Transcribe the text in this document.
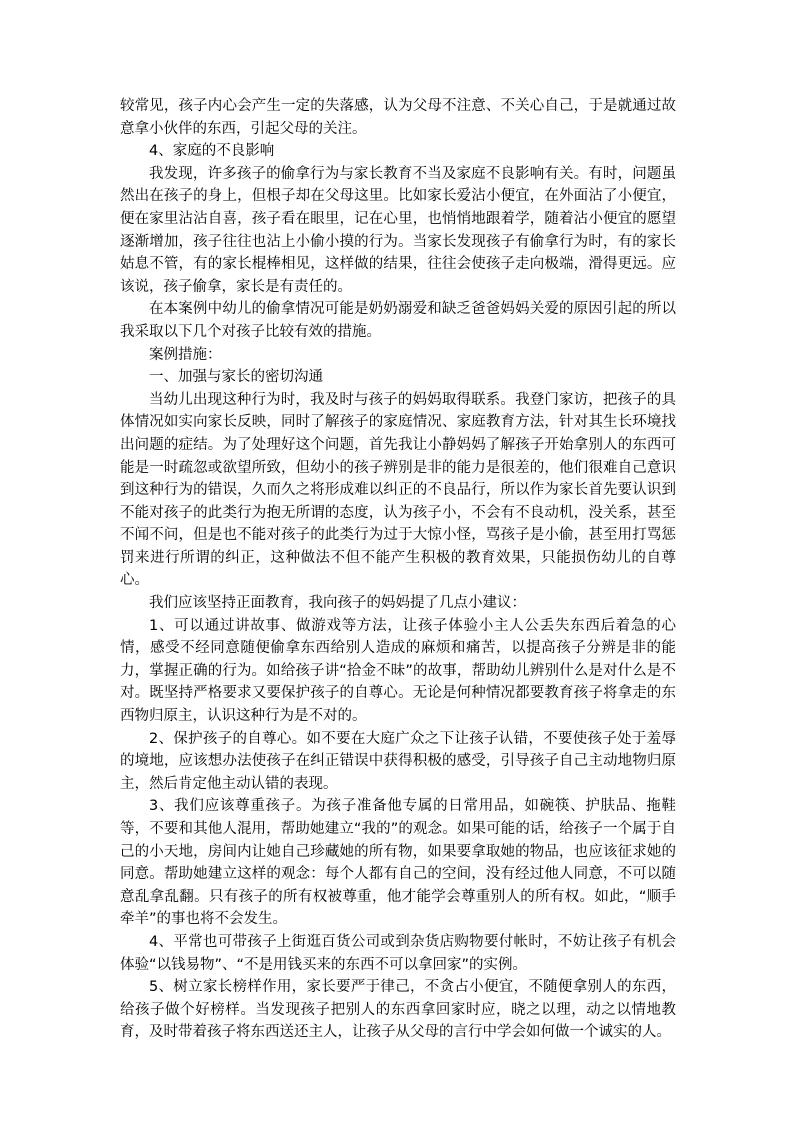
较常见，孩子内心会产生一定的失落感，认为父母不注意、不关心自己，于是就通过故意拿小伙伴的东西，引起父母的关注。

4、家庭的不良影响

我发现，许多孩子的偷拿行为与家长教育不当及家庭不良影响有关。有时，问题虽然出在孩子的身上，但根子却在父母这里。比如家长爱沾小便宜，在外面沾了小便宜，便在家里沾沾自喜，孩子看在眼里，记在心里，也悄悄地跟着学，随着沾小便宜的愿望逐渐增加，孩子往往也沾上小偷小摸的行为。当家长发现孩子有偷拿行为时，有的家长姑息不管，有的家长棍棒相见，这样做的结果，往往会使孩子走向极端，滑得更远。应该说，孩子偷拿，家长是有责任的。

在本案例中幼儿的偷拿情况可能是奶奶溺爱和缺乏爸爸妈妈关爱的原因引起的所以我采取以下几个对孩子比较有效的措施。

案例措施：

一、加强与家长的密切沟通

当幼儿出现这种行为时，我及时与孩子的妈妈取得联系。我登门家访，把孩子的具体情况如实向家长反映，同时了解孩子的家庭情况、家庭教育方法，针对其生长环境找出问题的症结。为了处理好这个问题，首先我让小静妈妈了解孩子开始拿别人的东西可能是一时疏忽或欲望所致，但幼小的孩子辨别是非的能力是很差的，他们很难自己意识到这种行为的错误，久而久之将形成难以纠正的不良品行，所以作为家长首先要认识到不能对孩子的此类行为抱无所谓的态度，认为孩子小，不会有不良动机，没关系，甚至不闻不问，但是也不能对孩子的此类行为过于大惊小怪，骂孩子是小偷，甚至用打骂惩罚来进行所谓的纠正，这种做法不但不能产生积极的教育效果，只能损伤幼儿的自尊心。

我们应该坚持正面教育，我向孩子的妈妈提了几点小建议：

1、可以通过讲故事、做游戏等方法，让孩子体验小主人公丢失东西后着急的心情，感受不经同意随便偷拿东西给别人造成的麻烦和痛苦，以提高孩子分辨是非的能力，掌握正确的行为。如给孩子讲“拾金不昧”的故事，帮助幼儿辨别什么是对什么是不对。既坚持严格要求又要保护孩子的自尊心。无论是何种情况都要教育孩子将拿走的东西物归原主，认识这种行为是不对的。

2、保护孩子的自尊心。如不要在大庭广众之下让孩子认错，不要使孩子处于羞辱的境地，应该想办法使孩子在纠正错误中获得积极的感受，引导孩子自己主动地物归原主，然后肯定他主动认错的表现。

3、我们应该尊重孩子。为孩子准备他专属的日常用品，如碗筷、护肤品、拖鞋等，不要和其他人混用，帮助她建立“我的”的观念。如果可能的话，给孩子一个属于自己的小天地，房间内让她自己珍藏她的所有物，如果要拿取她的物品，也应该征求她的同意。帮助她建立这样的观念：每个人都有自己的空间，没有经过他人同意，不可以随意乱拿乱翻。只有孩子的所有权被尊重，他才能学会尊重别人的所有权。如此，“顺手牵羊”的事也将不会发生。

4、平常也可带孩子上街逛百货公司或到杂货店购物要付帐时，不妨让孩子有机会体验“以钱易物”、“不是用钱买来的东西不可以拿回家”的实例。

5、树立家长榜样作用，家长要严于律己，不贪占小便宜，不随便拿别人的东西，给孩子做个好榜样。当发现孩子把别人的东西拿回家时应，晓之以理，动之以情地教育，及时带着孩子将东西送还主人，让孩子从父母的言行中学会如何做一个诚实的人。
